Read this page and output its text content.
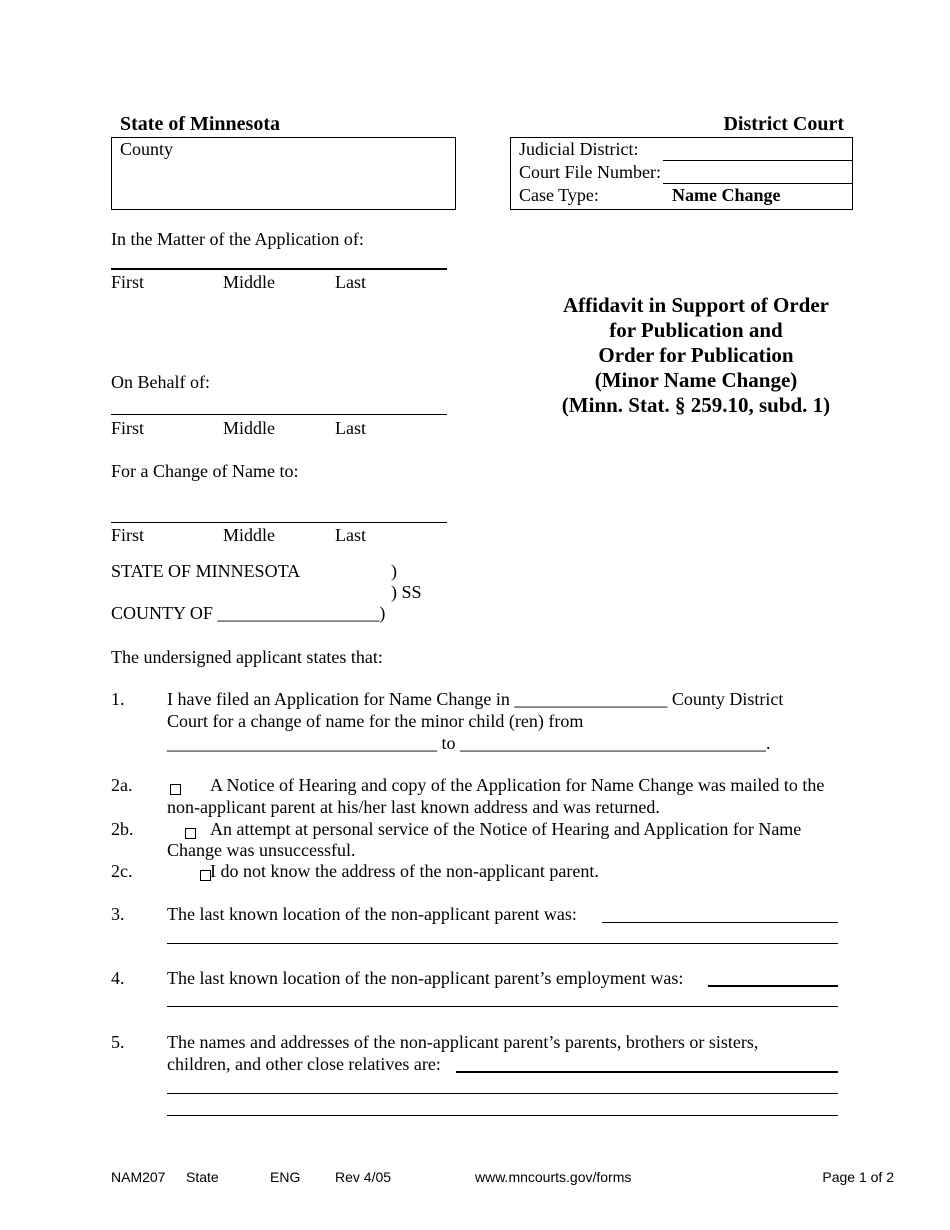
State of Minnesota	District Court
County	Judicial District:
Court File Number:
Case Type:	Name Change
In the Matter of the Application of:
First	Middle	Last
On Behalf of:
First	Middle	Last
For a Change of Name to:
First	Middle	Last
Affidavit in Support of Order
for Publication and
Order for Publication
(Minor Name Change)
(Minn. Stat. § 259.10, subd. 1)
STATE OF MINNESOTA	)
) SS
COUNTY OF __________________)
The undersigned applicant states that:
1. I have filed an Application for Name Change in _________________ County District
Court for a change of name for the minor child (ren) from
______________________________ to __________________________________.
2a.
	A Notice of Hearing and copy of the Application for Name Change was mailed to the
non-applicant parent at his/her last known address and was returned.
2b.
	An attempt at personal service of the Notice of Hearing and Application for Name
Change was unsuccessful.
2c.	I do not know the address of the non-applicant parent.
3. The last known location of the non-applicant parent was:
4. The last known location of the non-applicant parent’s employment was:
5. The names and addresses of the non-applicant parent’s parents, brothers or sisters,
children, and other close relatives are:
NAM207 State	ENG Rev 4/05	www.mncourts.gov/forms	Page 1 of 2
